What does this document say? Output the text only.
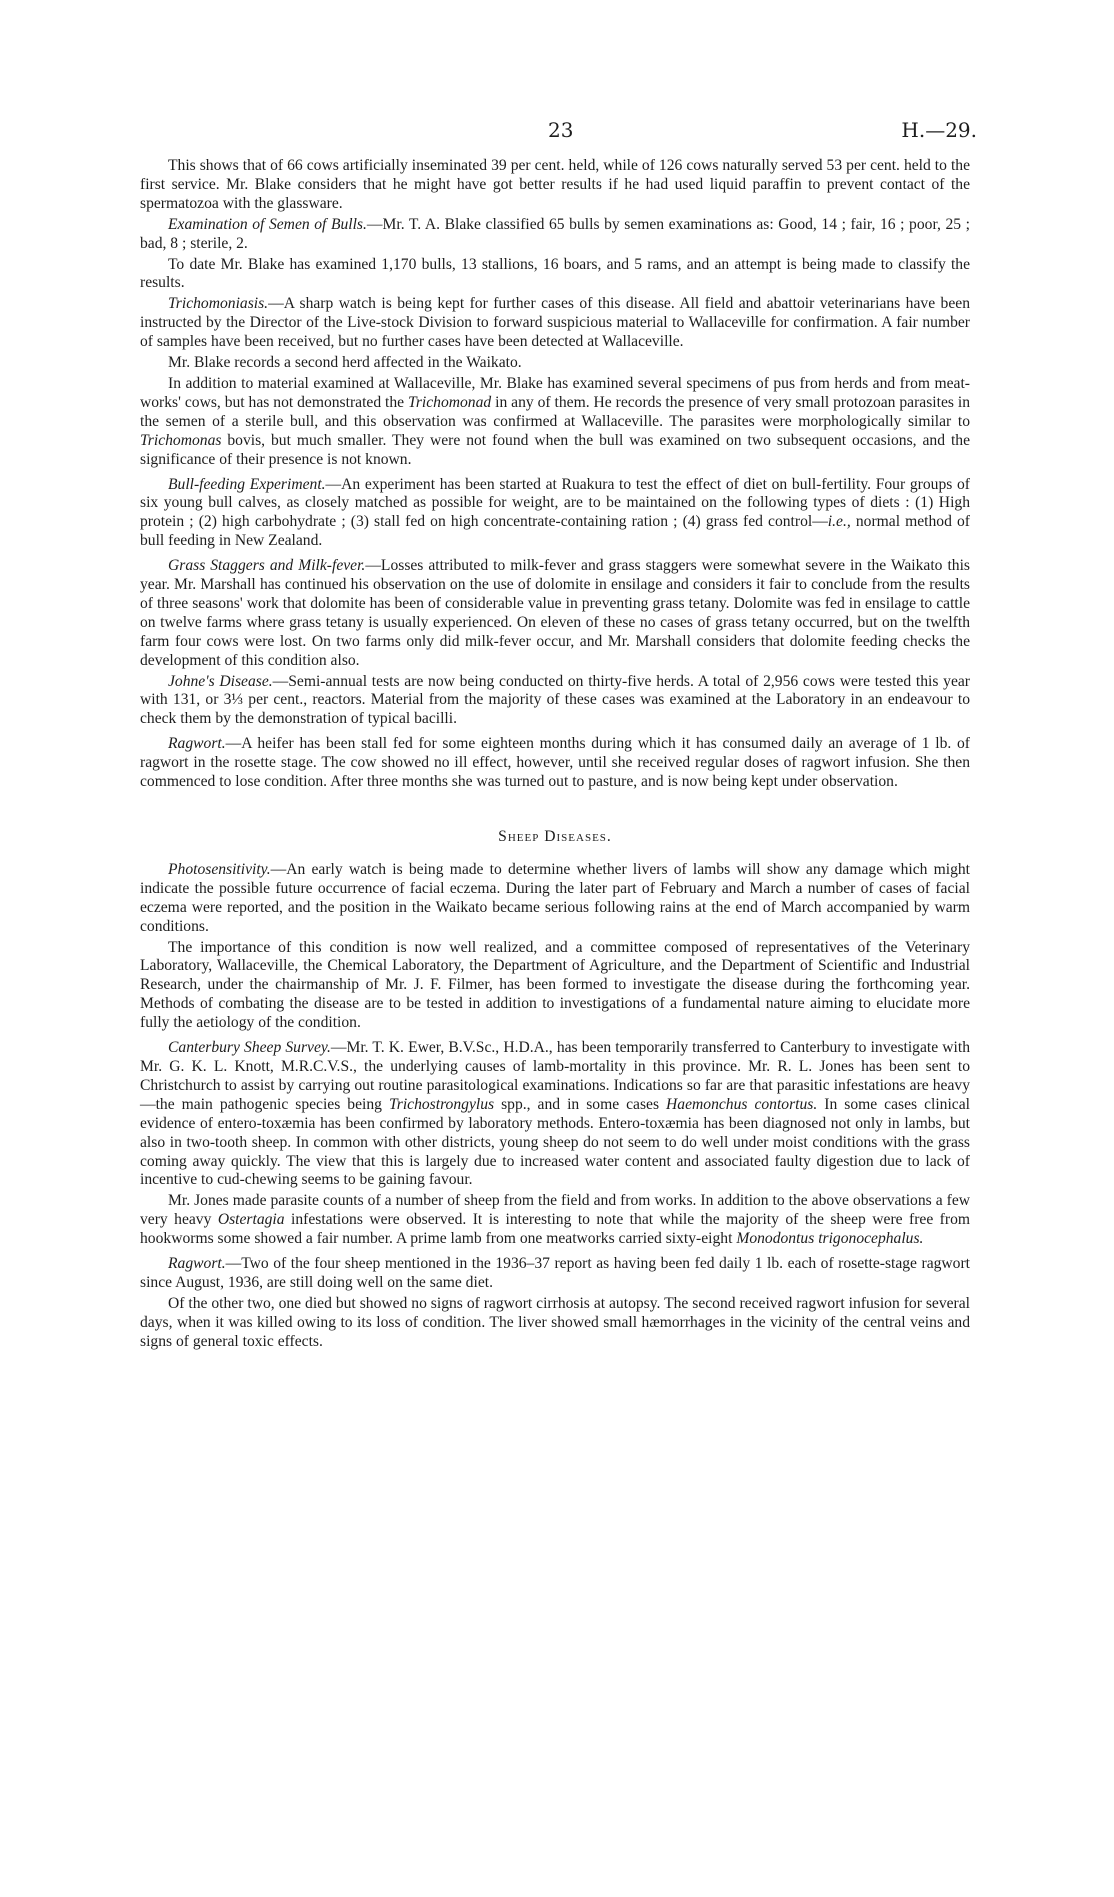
23	H.—29.

This shows that of 66 cows artificially inseminated 39 per cent. held, while of 126 cows naturally served 53 per cent. held to the first service. Mr. Blake considers that he might have got better results if he had used liquid paraffin to prevent contact of the spermatozoa with the glassware.

Examination of Semen of Bulls.—Mr. T. A. Blake classified 65 bulls by semen examinations as: Good, 14 ; fair, 16 ; poor, 25 ; bad, 8 ; sterile, 2.

To date Mr. Blake has examined 1,170 bulls, 13 stallions, 16 boars, and 5 rams, and an attempt is being made to classify the results.

Trichomoniasis.—A sharp watch is being kept for further cases of this disease. All field and abattoir veterinarians have been instructed by the Director of the Live-stock Division to forward suspicious material to Wallaceville for confirmation. A fair number of samples have been received, but no further cases have been detected at Wallaceville.

Mr. Blake records a second herd affected in the Waikato.

In addition to material examined at Wallaceville, Mr. Blake has examined several specimens of pus from herds and from meat-works' cows, but has not demonstrated the Trichomonad in any of them. He records the presence of very small protozoan parasites in the semen of a sterile bull, and this observation was confirmed at Wallaceville. The parasites were morphologically similar to Trichomonas bovis, but much smaller. They were not found when the bull was examined on two subsequent occasions, and the significance of their presence is not known.

Bull-feeding Experiment.—An experiment has been started at Ruakura to test the effect of diet on bull-fertility. Four groups of six young bull calves, as closely matched as possible for weight, are to be maintained on the following types of diets : (1) High protein ; (2) high carbohydrate ; (3) stall fed on high concentrate-containing ration ; (4) grass fed control—i.e., normal method of bull feeding in New Zealand.

Grass Staggers and Milk-fever.—Losses attributed to milk-fever and grass staggers were somewhat severe in the Waikato this year. Mr. Marshall has continued his observation on the use of dolomite in ensilage and considers it fair to conclude from the results of three seasons' work that dolomite has been of considerable value in preventing grass tetany. Dolomite was fed in ensilage to cattle on twelve farms where grass tetany is usually experienced. On eleven of these no cases of grass tetany occurred, but on the twelfth farm four cows were lost. On two farms only did milk-fever occur, and Mr. Marshall considers that dolomite feeding checks the development of this condition also.

Johne's Disease.—Semi-annual tests are now being conducted on thirty-five herds. A total of 2,956 cows were tested this year with 131, or 3⅓ per cent., reactors. Material from the majority of these cases was examined at the Laboratory in an endeavour to check them by the demonstration of typical bacilli.

Ragwort.—A heifer has been stall fed for some eighteen months during which it has consumed daily an average of 1 lb. of ragwort in the rosette stage. The cow showed no ill effect, however, until she received regular doses of ragwort infusion. She then commenced to lose condition. After three months she was turned out to pasture, and is now being kept under observation.

Sheep Diseases.

Photosensitivity.—An early watch is being made to determine whether livers of lambs will show any damage which might indicate the possible future occurrence of facial eczema. During the later part of February and March a number of cases of facial eczema were reported, and the position in the Waikato became serious following rains at the end of March accompanied by warm conditions.

The importance of this condition is now well realized, and a committee composed of representatives of the Veterinary Laboratory, Wallaceville, the Chemical Laboratory, the Department of Agriculture, and the Department of Scientific and Industrial Research, under the chairmanship of Mr. J. F. Filmer, has been formed to investigate the disease during the forthcoming year. Methods of combating the disease are to be tested in addition to investigations of a fundamental nature aiming to elucidate more fully the aetiology of the condition.

Canterbury Sheep Survey.—Mr. T. K. Ewer, B.V.Sc., H.D.A., has been temporarily transferred to Canterbury to investigate with Mr. G. K. L. Knott, M.R.C.V.S., the underlying causes of lamb-mortality in this province. Mr. R. L. Jones has been sent to Christchurch to assist by carrying out routine parasitological examinations. Indications so far are that parasitic infestations are heavy—the main pathogenic species being Trichostrongylus spp., and in some cases Haemonchus contortus. In some cases clinical evidence of entero-toxæmia has been confirmed by laboratory methods. Entero-toxæmia has been diagnosed not only in lambs, but also in two-tooth sheep. In common with other districts, young sheep do not seem to do well under moist conditions with the grass coming away quickly. The view that this is largely due to increased water content and associated faulty digestion due to lack of incentive to cud-chewing seems to be gaining favour.

Mr. Jones made parasite counts of a number of sheep from the field and from works. In addition to the above observations a few very heavy Ostertagia infestations were observed. It is interesting to note that while the majority of the sheep were free from hookworms some showed a fair number. A prime lamb from one meatworks carried sixty-eight Monodontus trigonocephalus.

Ragwort.—Two of the four sheep mentioned in the 1936–37 report as having been fed daily 1 lb. each of rosette-stage ragwort since August, 1936, are still doing well on the same diet.

Of the other two, one died but showed no signs of ragwort cirrhosis at autopsy. The second received ragwort infusion for several days, when it was killed owing to its loss of condition. The liver showed small hæmorrhages in the vicinity of the central veins and signs of general toxic effects.
